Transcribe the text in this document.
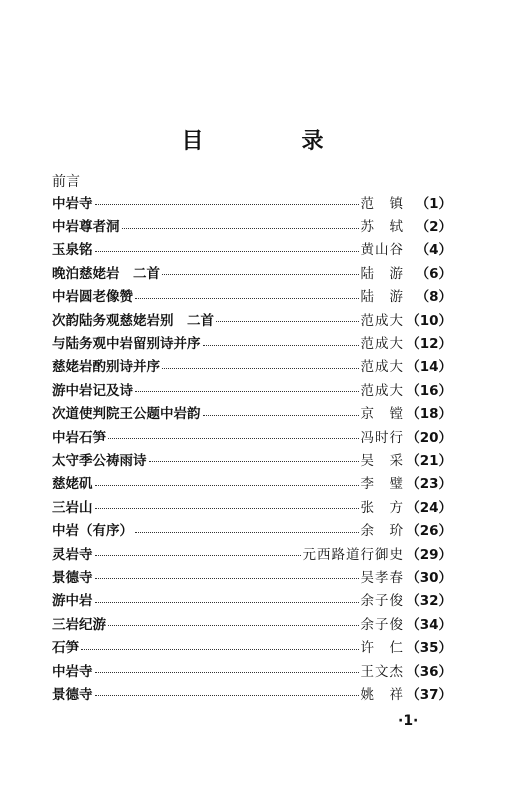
目　录
前言
中岩寺	范　镇 （1）
中岩尊者洞	苏　轼 （2）
玉泉铭	黄山谷 （4）
晚泊慈姥岩　二首	陆　游 （6）
中岩圆老像赞	陆　游 （8）
次韵陆务观慈姥岩别　二首	范成大 （10）
与陆务观中岩留别诗并序	范成大 （12）
慈姥岩酌别诗并序	范成大 （14）
游中岩记及诗	范成大 （16）
次道使判院王公题中岩韵	京　镗 （18）
中岩石笋	冯时行 （20）
太守季公祷雨诗	吴　采 （21）
慈姥矶	李　璧 （23）
三岩山	张　方 （24）
中岩（有序）	余　玠 （26）
灵岩寺	元西路道行御史 （29）
景德寺	吴孝春 （30）
游中岩	余子俊 （32）
三岩纪游	余子俊 （34）
石笋	许　仁 （35）
中岩寺	王文杰 （36）
景德寺	姚　祥 （37）
·1·
